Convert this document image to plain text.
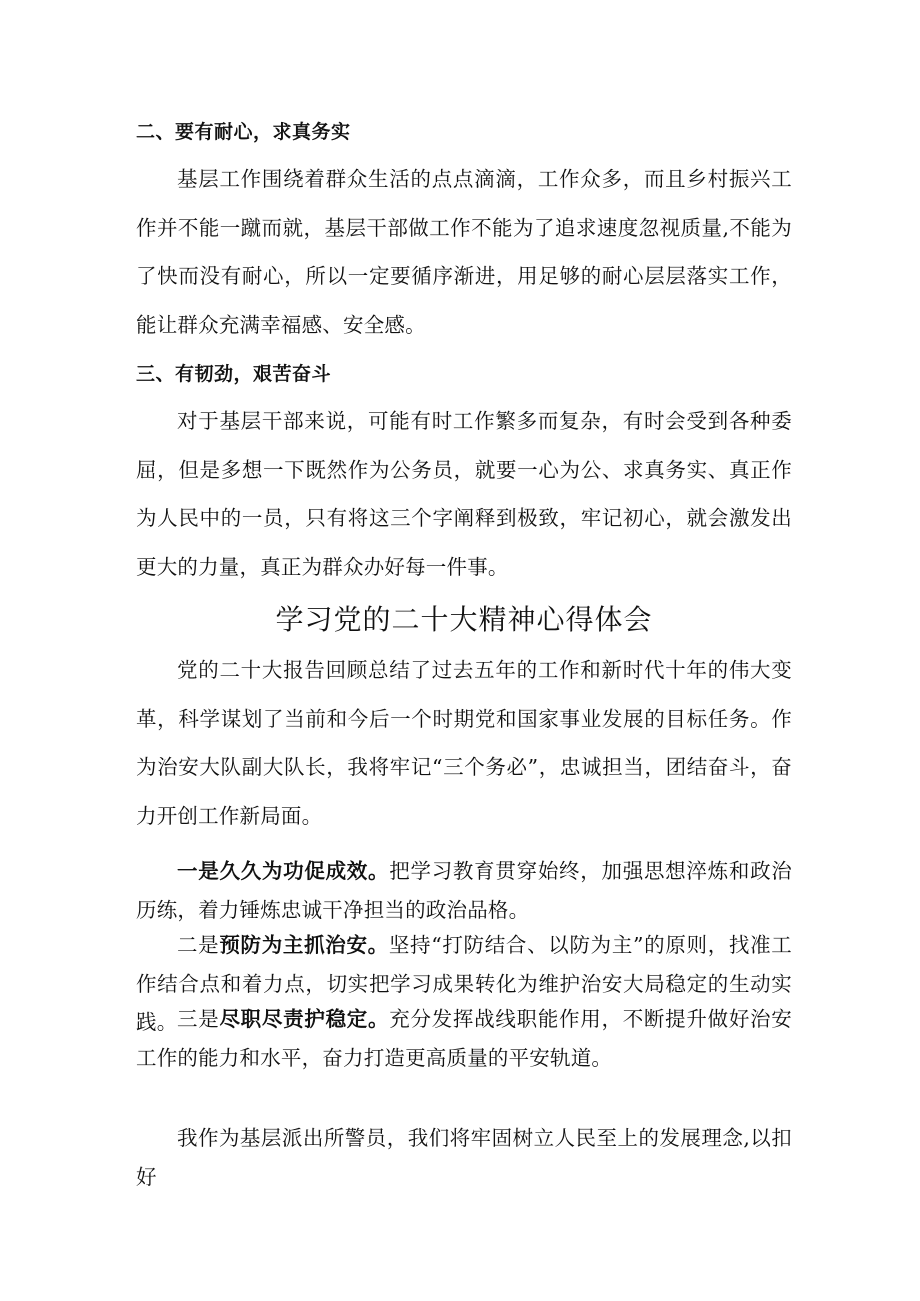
二、要有耐心，求真务实
基层工作围绕着群众生活的点点滴滴，工作众多，而且乡村振兴工作并不能一蹴而就，基层干部做工作不能为了追求速度忽视质量,不能为了快而没有耐心，所以一定要循序渐进，用足够的耐心层层落实工作，能让群众充满幸福感、安全感。
三、有韧劲，艰苦奋斗
对于基层干部来说，可能有时工作繁多而复杂，有时会受到各种委屈，但是多想一下既然作为公务员，就要一心为公、求真务实、真正作为人民中的一员，只有将这三个字阐释到极致，牢记初心，就会激发出更大的力量，真正为群众办好每一件事。
学习党的二十大精神心得体会
党的二十大报告回顾总结了过去五年的工作和新时代十年的伟大变革，科学谋划了当前和今后一个时期党和国家事业发展的目标任务。作为治安大队副大队长，我将牢记“三个务必”，忠诚担当，团结奋斗，奋力开创工作新局面。
一是久久为功促成效。把学习教育贯穿始终，加强思想淬炼和政治历练，着力锤炼忠诚干净担当的政治品格。
二是预防为主抓治安。坚持“打防结合、以防为主”的原则，找准工作结合点和着力点，切实把学习成果转化为维护治安大局稳定的生动实践。 三是尽职尽责护稳定。充分发挥战线职能作用，不断提升做好治安工作的能力和水平，奋力打造更高质量的平安轨道。
我作为基层派出所警员，我们将牢固树立人民至上的发展理念,以扣好
